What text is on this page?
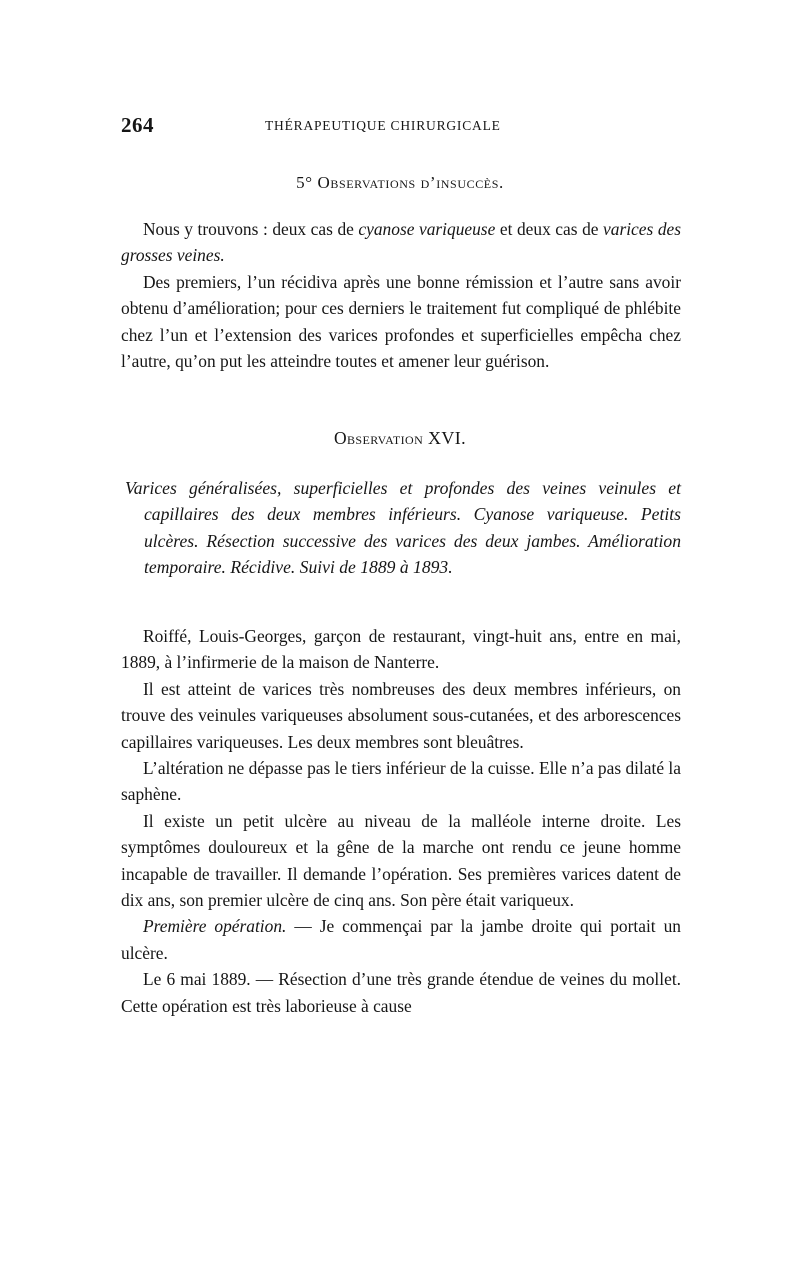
264	THÉRAPEUTIQUE CHIRURGICALE
5° Observations d’insuccès.

Nous y trouvons : deux cas de cyanose variqueuse et deux cas de varices des grosses veines.

Des premiers, l’un récidiva après une bonne rémission et l’autre sans avoir obtenu d’amélioration; pour ces derniers le traitement fut compliqué de phlébite chez l’un et l’extension des varices profondes et superficielles empêcha chez l’autre, qu’on put les atteindre toutes et amener leur guérison.

Observation XVI.

Varices généralisées, superficielles et profondes des veines veinules et capillaires des deux membres inférieurs. Cyanose variqueuse. Petits ulcères. Résection successive des varices des deux jambes. Amélioration temporaire. Récidive. Suivi de 1889 à 1893.

Roiffé, Louis-Georges, garçon de restaurant, vingt-huit ans, entre en mai, 1889, à l’infirmerie de la maison de Nanterre.

Il est atteint de varices très nombreuses des deux membres inférieurs, on trouve des veinules variqueuses absolument sous-cutanées, et des arborescences capillaires variqueuses. Les deux membres sont bleuâtres.

L’altération ne dépasse pas le tiers inférieur de la cuisse. Elle n’a pas dilaté la saphène.

Il existe un petit ulcère au niveau de la malléole interne droite. Les symptômes douloureux et la gêne de la marche ont rendu ce jeune homme incapable de travailler. Il demande l’opération. Ses premières varices datent de dix ans, son premier ulcère de cinq ans. Son père était variqueux.

Première opération. — Je commençai par la jambe droite qui portait un ulcère.

Le 6 mai 1889. — Résection d’une très grande étendue de veines du mollet. Cette opération est très laborieuse à cause
